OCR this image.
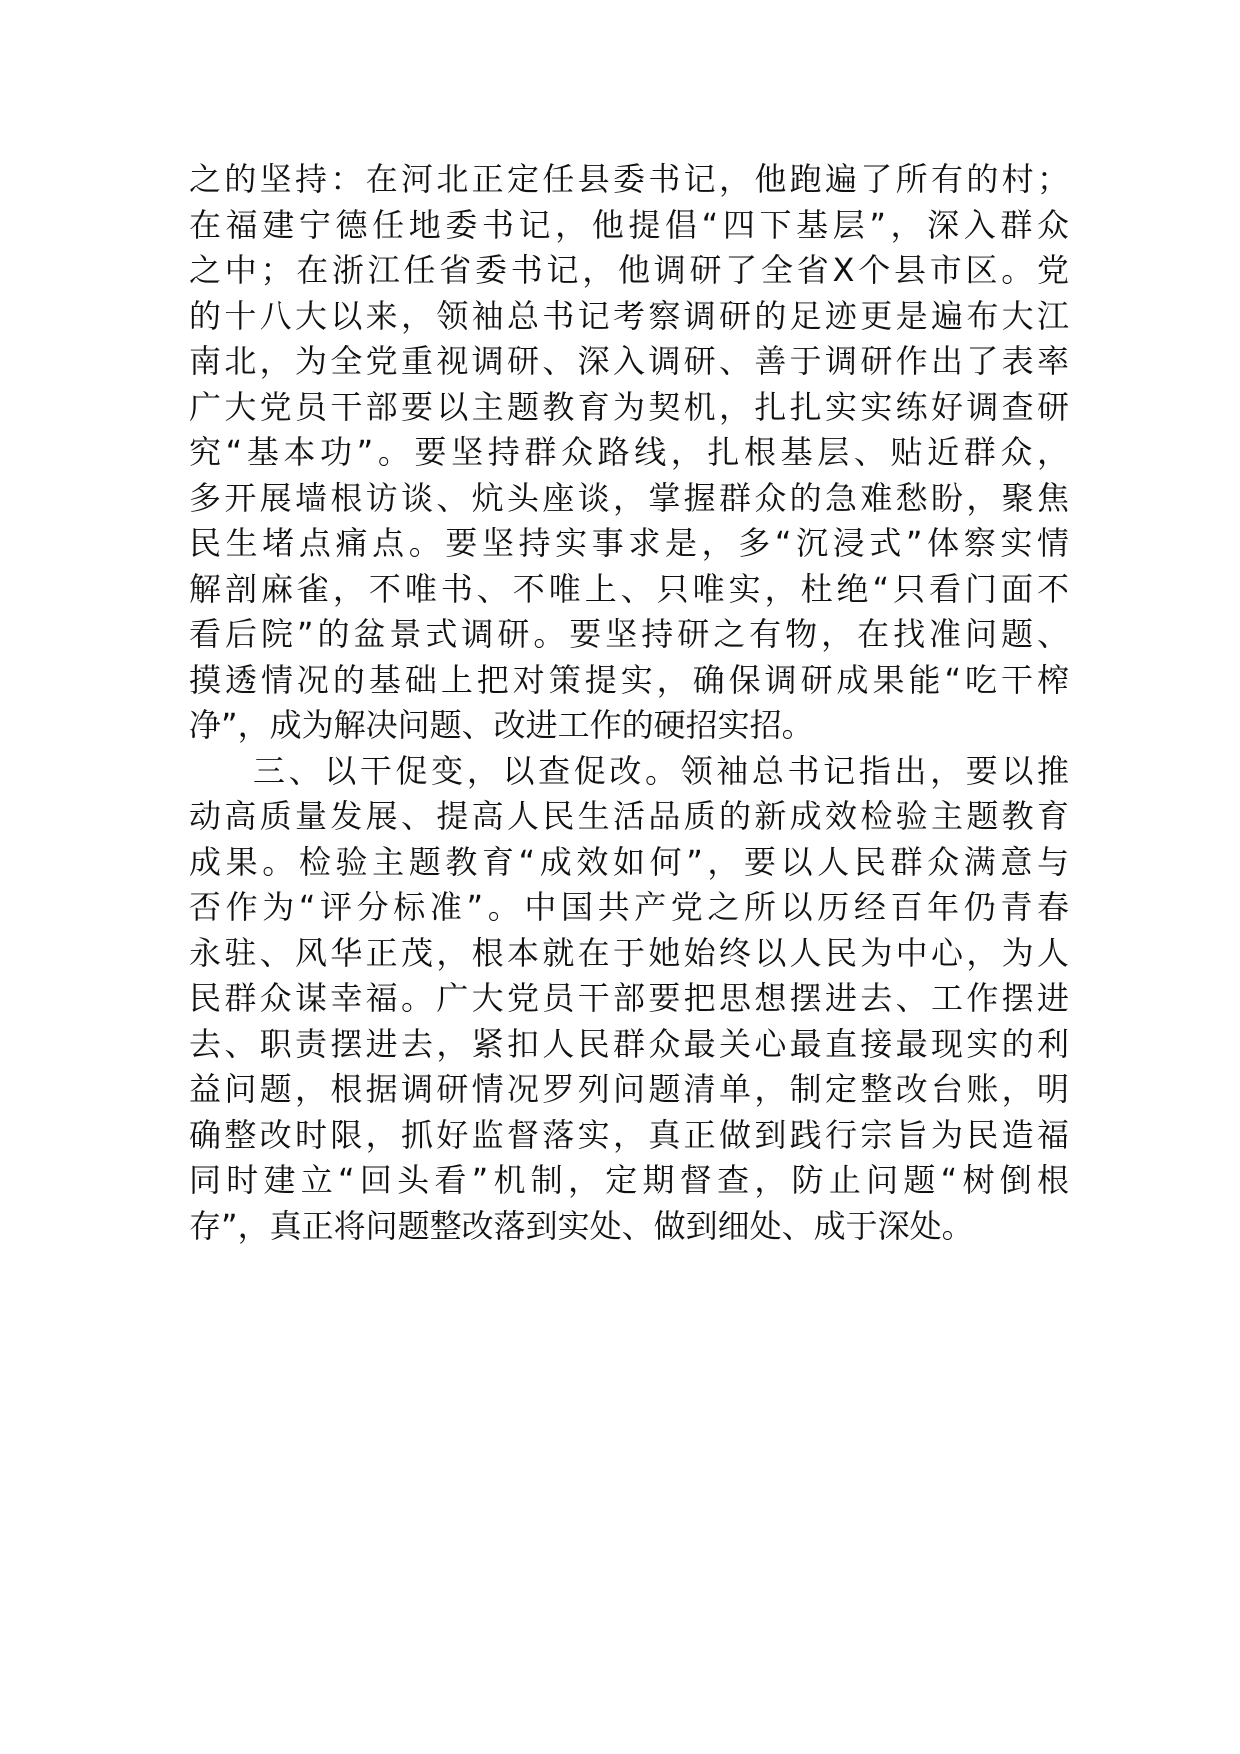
之的坚持：在河北正定任县委书记，他跑遍了所有的村；
在福建宁德任地委书记，他提倡“四下基层”，深入群众
之中；在浙江任省委书记，他调研了全省X个县市区。党
的十八大以来，领袖总书记考察调研的足迹更是遍布大江
南北，为全党重视调研、深入调研、善于调研作出了表率
广大党员干部要以主题教育为契机，扎扎实实练好调查研
究“基本功”。要坚持群众路线，扎根基层、贴近群众，
多开展墙根访谈、炕头座谈，掌握群众的急难愁盼，聚焦
民生堵点痛点。要坚持实事求是，多“沉浸式”体察实情
解剖麻雀，不唯书、不唯上、只唯实，杜绝“只看门面不
看后院”的盆景式调研。要坚持研之有物，在找准问题、
摸透情况的基础上把对策提实，确保调研成果能“吃干榨
净”，成为解决问题、改进工作的硬招实招。
三、以干促变，以查促改。领袖总书记指出，要以推
动高质量发展、提高人民生活品质的新成效检验主题教育
成果。检验主题教育“成效如何”，要以人民群众满意与
否作为“评分标准”。中国共产党之所以历经百年仍青春
永驻、风华正茂，根本就在于她始终以人民为中心，为人
民群众谋幸福。广大党员干部要把思想摆进去、工作摆进
去、职责摆进去，紧扣人民群众最关心最直接最现实的利
益问题，根据调研情况罗列问题清单，制定整改台账，明
确整改时限，抓好监督落实，真正做到践行宗旨为民造福
同时建立“回头看”机制，定期督查，防止问题“树倒根
存”，真正将问题整改落到实处、做到细处、成于深处。
